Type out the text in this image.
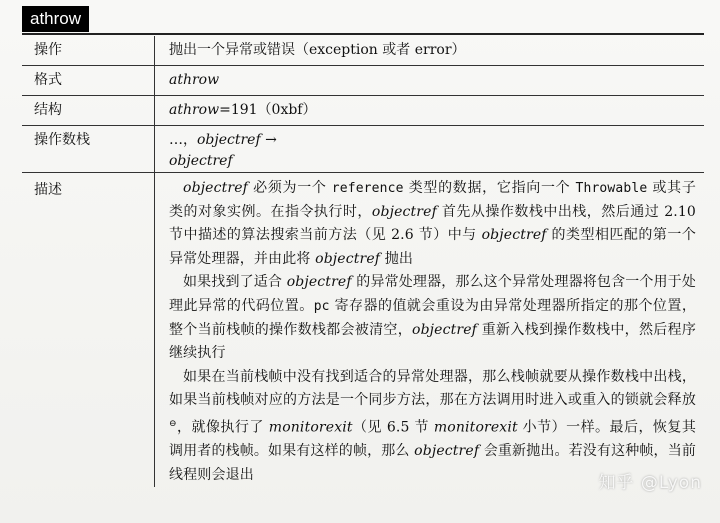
athrow
操作	抛出一个异常或错误（exception 或者 error）
格式	athrow
结构	athrow=191（0xbf）
操作数栈	…，objectref →
objectref

描述	objectref 必须为一个 reference 类型的数据，它指向一个 Throwable 或其子类的对象实例。在指令执行时，objectref 首先从操作数栈中出栈，然后通过 2.10 节中描述的算法搜索当前方法（见 2.6 节）中与 objectref 的类型相匹配的第一个异常处理器，并由此将 objectref 抛出

如果找到了适合 objectref 的异常处理器，那么这个异常处理器将包含一个用于处理此异常的代码位置。pc 寄存器的值就会重设为由异常处理器所指定的那个位置，整个当前栈帧的操作数栈都会被清空，objectref 重新入栈到操作数栈中，然后程序继续执行

如果在当前栈帧中没有找到适合的异常处理器，那么栈帧就要从操作数栈中出栈，如果当前栈帧对应的方法是一个同步方法，那在方法调用时进入或重入的锁就会释放⊖，就像执行了 monitorexit（见 6.5 节 monitorexit 小节）一样。最后，恢复其调用者的栈帧。如果有这样的帧，那么 objectref 会重新抛出。若没有这种帧，当前线程则会退出	知乎 @Lyon
